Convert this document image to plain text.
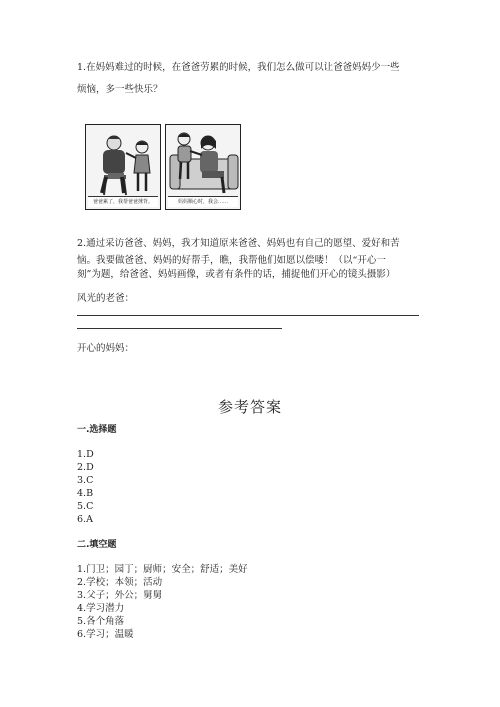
1.在妈妈难过的时候，在爸爸劳累的时候，我们怎么做可以让爸爸妈妈少一些
烦恼，多一些快乐？
爸爸累了，我帮爸爸捶背。	妈妈顺心时，我会……
2.通过采访爸爸、妈妈，我才知道原来爸爸、妈妈也有自己的愿望、爱好和苦
恼。我要做爸爸、妈妈的好帮手，瞧，我帮他们如愿以偿喽！（以“开心一
刻”为题，给爸爸、妈妈画像，或者有条件的话，捕捉他们开心的镜头摄影）
风光的老爸：
开心的妈妈：
参考答案
一.选择题
1.D
2.D
3.C
4.B
5.C
6.A
二.填空题
1.门卫；园丁；厨师；安全；舒适；美好
2.学校；本领；活动
3.父子；外公；舅舅
4.学习潜力
5.各个角落
6.学习；温暖
